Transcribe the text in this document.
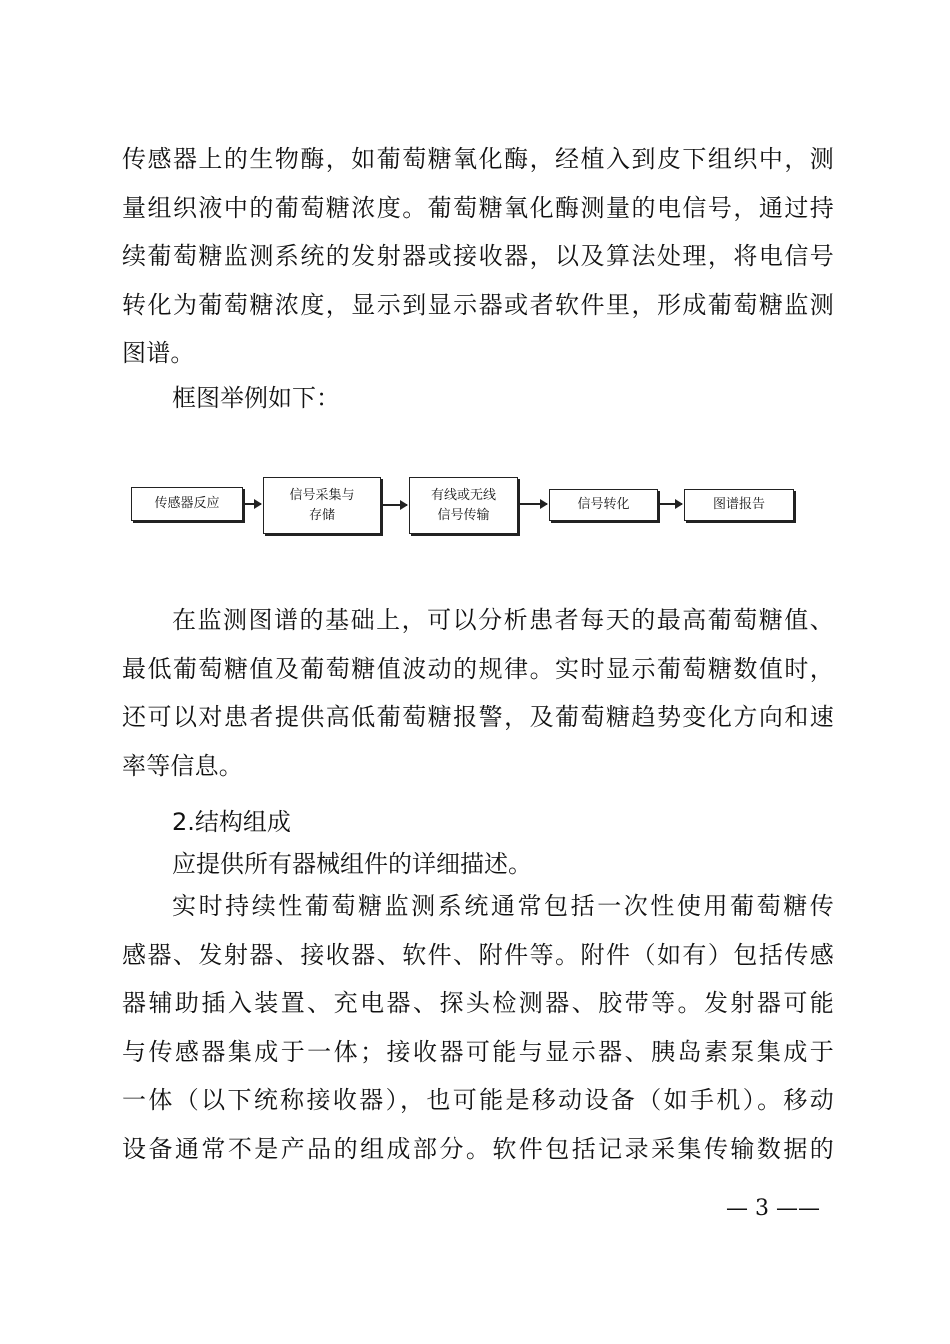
传感器上的生物酶，如葡萄糖氧化酶，经植入到皮下组织中，测
量组织液中的葡萄糖浓度。葡萄糖氧化酶测量的电信号，通过持
续葡萄糖监测系统的发射器或接收器，以及算法处理，将电信号
转化为葡萄糖浓度，显示到显示器或者软件里，形成葡萄糖监测
图谱。
框图举例如下：
传感器反应
信号采集与
存储
有线或无线
信号传输
信号转化	图谱报告
在监测图谱的基础上，可以分析患者每天的最高葡萄糖值、
最低葡萄糖值及葡萄糖值波动的规律。实时显示葡萄糖数值时，
还可以对患者提供高低葡萄糖报警，及葡萄糖趋势变化方向和速
率等信息。
2.结构组成
应提供所有器械组件的详细描述。
实时持续性葡萄糖监测系统通常包括一次性使用葡萄糖传
感器、发射器、接收器、软件、附件等。附件（如有）包括传感
器辅助插入装置、充电器、探头检测器、胶带等。发射器可能
与传感器集成于一体；接收器可能与显示器、胰岛素泵集成于
一体（以下统称接收器），也可能是移动设备（如手机）。移动
设备通常不是产品的组成部分。软件包括记录采集传输数据的
— 3 ——
